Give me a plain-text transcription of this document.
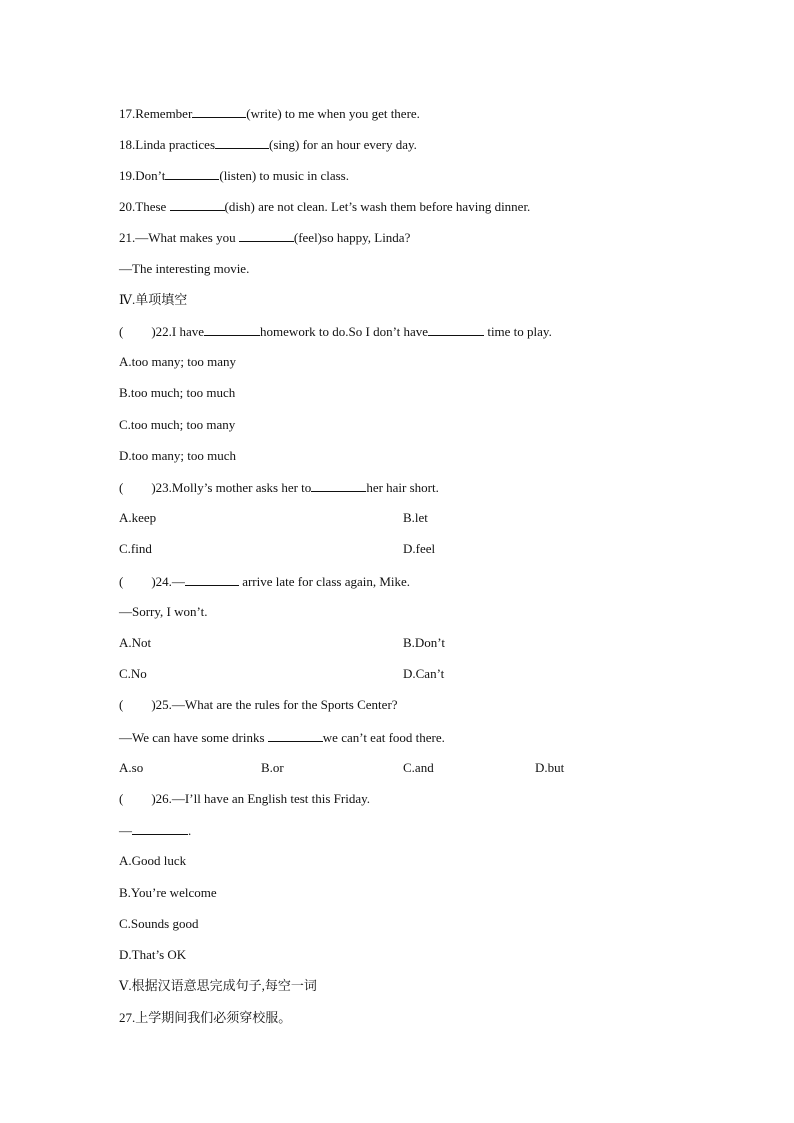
17.Remember	(write) to me when you get there.
18.Linda practices	(sing) for an hour every day.
19.Don’t	(listen) to music in class.
20.These	(dish) are not clean. Let’s wash them before having dinner.
21.—What makes you	(feel)so happy, Linda?
—The interesting movie.
Ⅳ.单项填空
( )22.I have	homework to do.So I don’t have	time to play.
A.too many; too many
B.too much; too much
C.too much; too many
D.too many; too much
( )23.Molly’s mother asks her to	her hair short.
A.keep	B.let
C.find	D.feel
( )24.—	arrive late for class again, Mike.
—Sorry, I won’t.
A.Not	B.Don’t
C.No	D.Can’t
( )25.—What are the rules for the Sports Center?
—We can have some drinks	we can’t eat food there.
A.so	B.or	C.and	D.but
( )26.—I’ll have an English test this Friday.
—	.
A.Good luck
B.You’re welcome
C.Sounds good
D.That’s OK
Ⅴ.根据汉语意思完成句子,每空一词
27.上学期间我们必须穿校服。
